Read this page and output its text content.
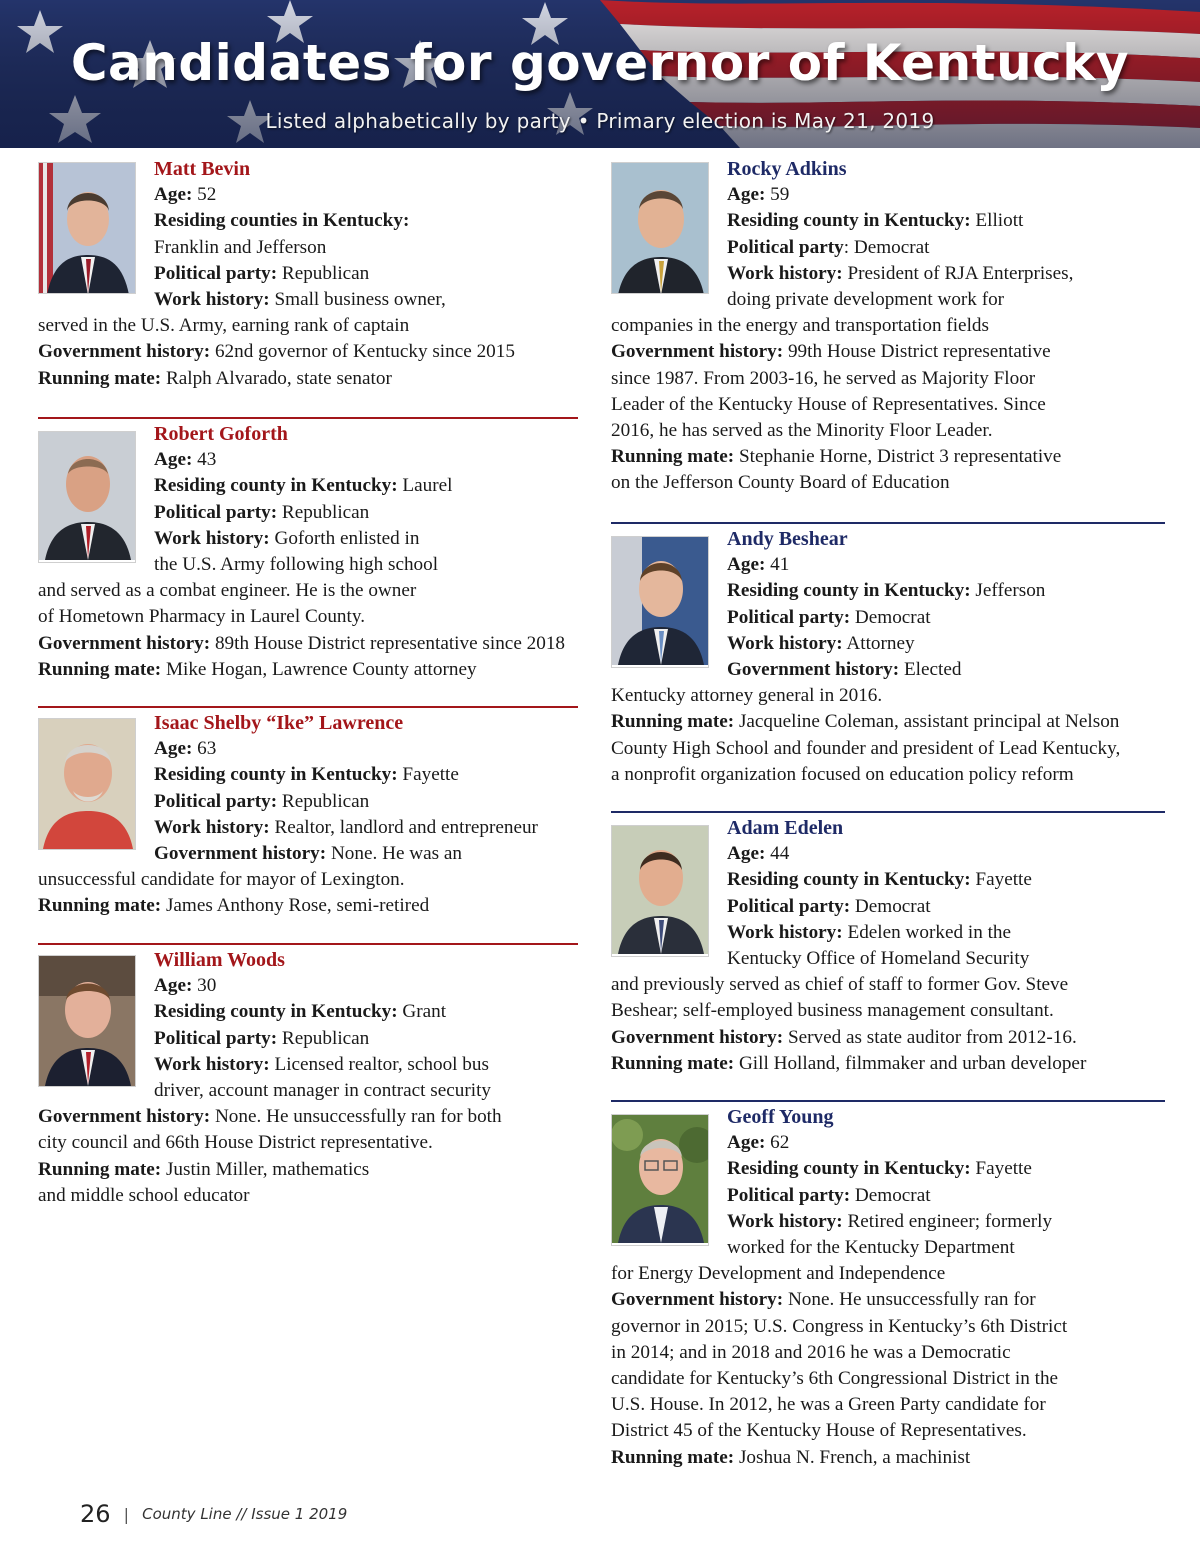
Candidates for governor of Kentucky
Listed alphabetically by party • Primary election is May 21, 2019
Matt Bevin
Age: 52
Residing counties in Kentucky:
Franklin and Jefferson
Political party: Republican
Work history: Small business owner,
served in the U.S. Army, earning rank of captain
Government history: 62nd governor of Kentucky since 2015
Running mate: Ralph Alvarado, state senator
Robert Goforth
Age: 43
Residing county in Kentucky: Laurel
Political party: Republican
Work history: Goforth enlisted in
the U.S. Army following high school
and served as a combat engineer. He is the owner
of Hometown Pharmacy in Laurel County.
Government history: 89th House District representative since 2018
Running mate: Mike Hogan, Lawrence County attorney
Isaac Shelby “Ike” Lawrence
Age: 63
Residing county in Kentucky: Fayette
Political party: Republican
Work history: Realtor, landlord and entrepreneur
Government history: None. He was an
unsuccessful candidate for mayor of Lexington.
Running mate: James Anthony Rose, semi-retired
William Woods
Age: 30
Residing county in Kentucky: Grant
Political party: Republican
Work history: Licensed realtor, school bus
driver, account manager in contract security
Government history: None. He unsuccessfully ran for both
city council and 66th House District representative.
Running mate: Justin Miller, mathematics
and middle school educator
Rocky Adkins
Age: 59
Residing county in Kentucky: Elliott
Political party: Democrat
Work history: President of RJA Enterprises,
doing private development work for
companies in the energy and transportation fields
Government history: 99th House District representative
since 1987. From 2003-16, he served as Majority Floor
Leader of the Kentucky House of Representatives. Since
2016, he has served as the Minority Floor Leader.
Running mate: Stephanie Horne, District 3 representative
on the Jefferson County Board of Education
Andy Beshear
Age: 41
Residing county in Kentucky: Jefferson
Political party: Democrat
Work history: Attorney
Government history: Elected
Kentucky attorney general in 2016.
Running mate: Jacqueline Coleman, assistant principal at Nelson
County High School and founder and president of Lead Kentucky,
a nonprofit organization focused on education policy reform
Adam Edelen
Age: 44
Residing county in Kentucky: Fayette
Political party: Democrat
Work history: Edelen worked in the
Kentucky Office of Homeland Security
and previously served as chief of staff to former Gov. Steve
Beshear; self-employed business management consultant.
Government history: Served as state auditor from 2012-16.
Running mate: Gill Holland, filmmaker and urban developer
Geoff Young
Age: 62
Residing county in Kentucky: Fayette
Political party: Democrat
Work history: Retired engineer; formerly
worked for the Kentucky Department
for Energy Development and Independence
Government history: None. He unsuccessfully ran for
governor in 2015; U.S. Congress in Kentucky’s 6th District
in 2014; and in 2018 and 2016 he was a Democratic
candidate for Kentucky’s 6th Congressional District in the
U.S. House. In 2012, he was a Green Party candidate for
District 45 of the Kentucky House of Representatives.
Running mate: Joshua N. French, a machinist
26 | County Line // Issue 1 2019
